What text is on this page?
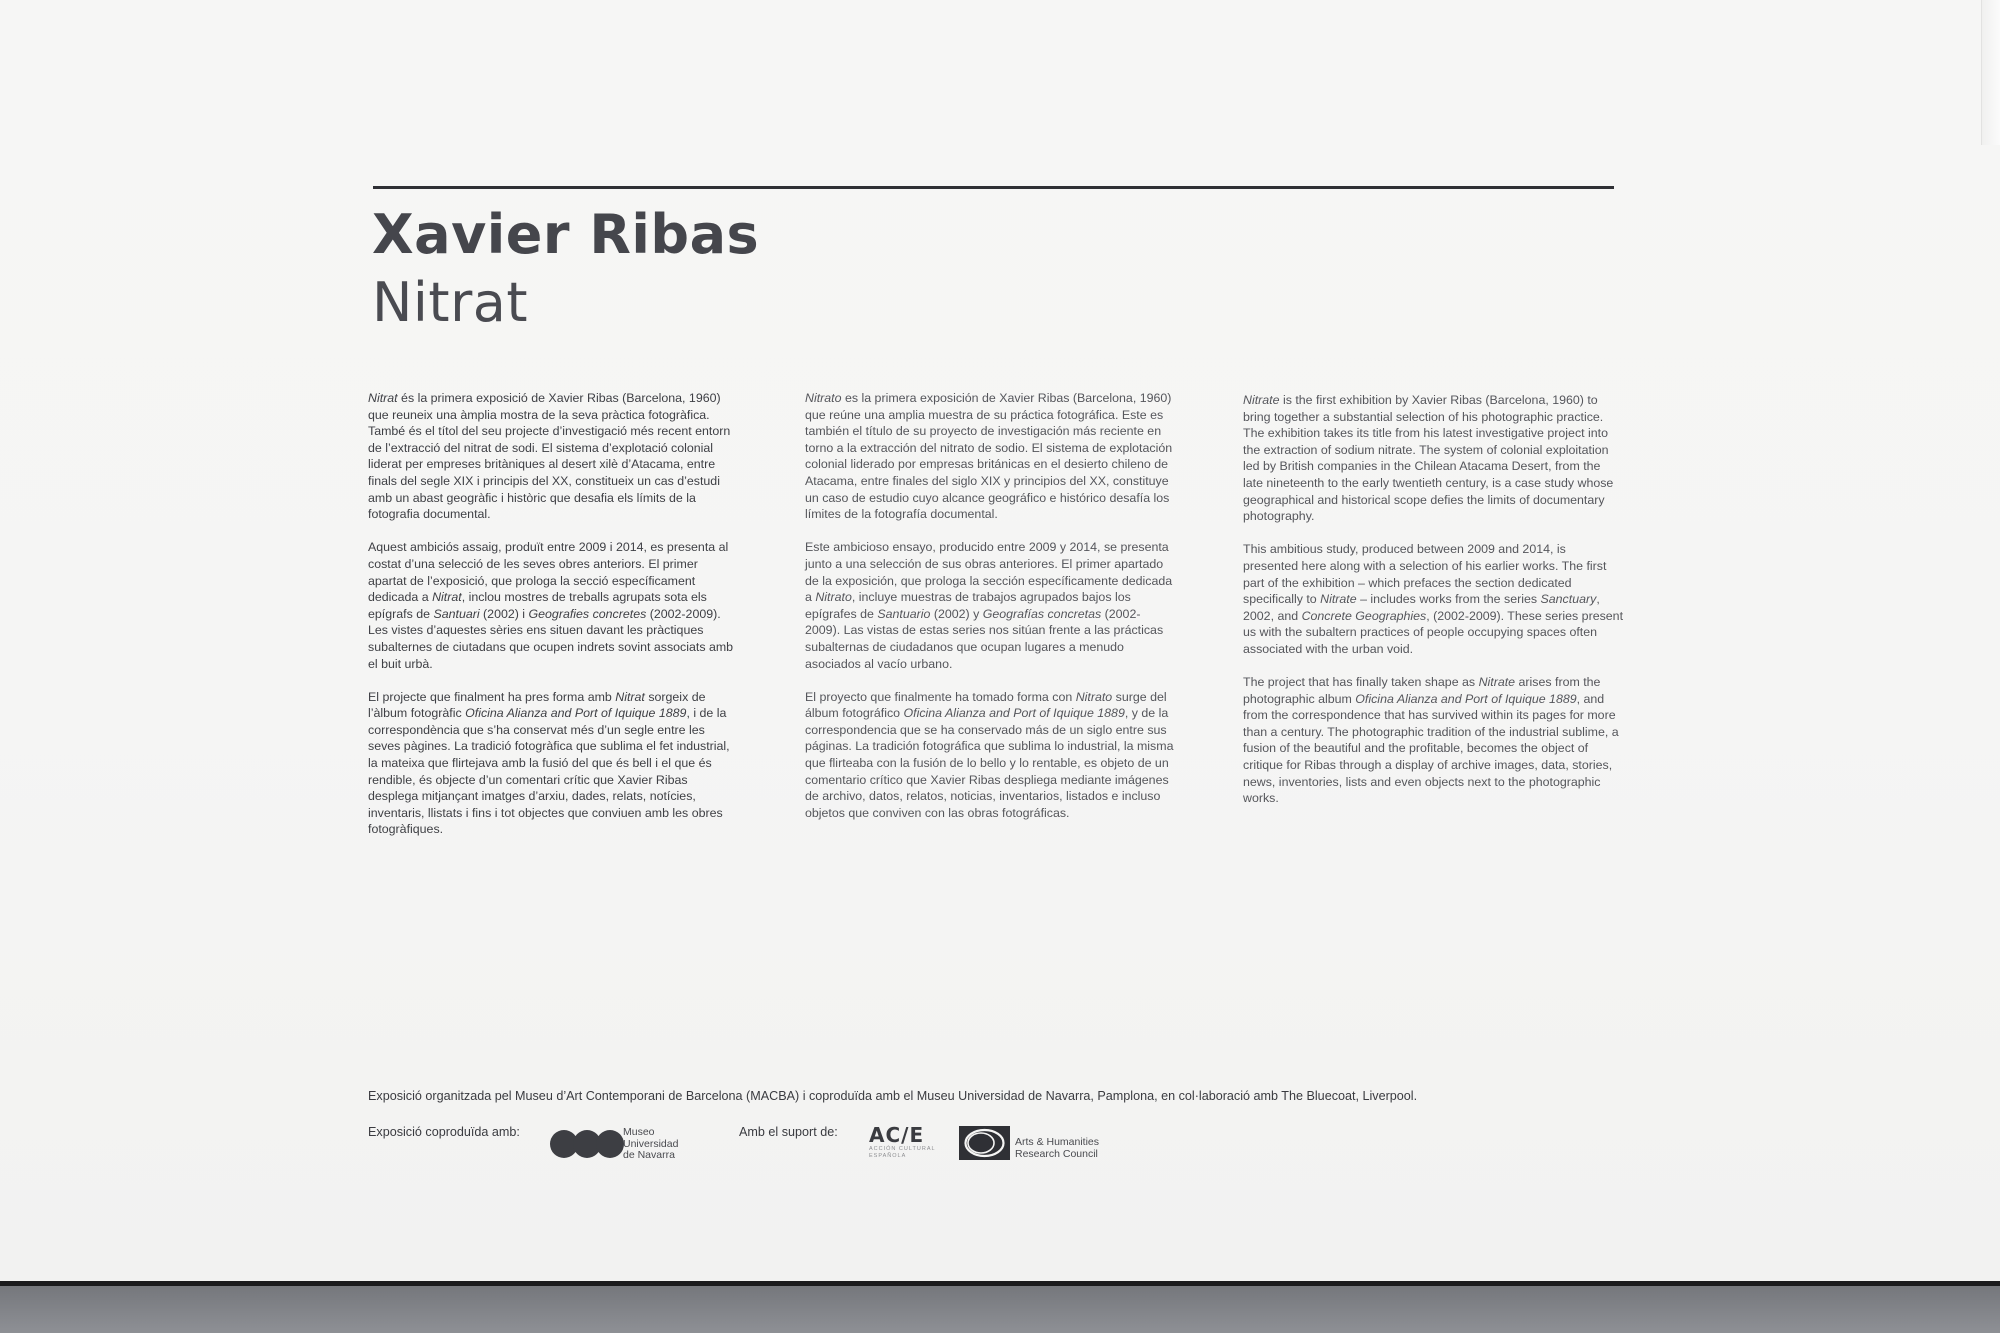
Xavier Ribas
Nitrat

Nitrat és la primera exposició de Xavier Ribas (Barcelona, 1960) que reuneix una àmplia mostra de la seva pràctica fotogràfica. També és el títol del seu projecte d’investigació més recent entorn de l’extracció del nitrat de sodi. El sistema d’explotació colonial liderat per empreses britàniques al desert xilè d’Atacama, entre finals del segle XIX i principis del XX, constitueix un cas d’estudi amb un abast geogràfic i històric que desafia els límits de la fotografia documental.

Aquest ambiciós assaig, produït entre 2009 i 2014, es presenta al costat d’una selecció de les seves obres anteriors. El primer apartat de l’exposició, que prologa la secció específicament dedicada a Nitrat, inclou mostres de treballs agrupats sota els epígrafs de Santuari (2002) i Geografies concretes (2002-2009). Les vistes d’aquestes sèries ens situen davant les pràctiques subalternes de ciutadans que ocupen indrets sovint associats amb el buit urbà.

El projecte que finalment ha pres forma amb Nitrat sorgeix de l’àlbum fotogràfic Oficina Alianza and Port of Iquique 1889, i de la correspondència que s’ha conservat més d’un segle entre les seves pàgines. La tradició fotogràfica que sublima el fet industrial, la mateixa que flirtejava amb la fusió del que és bell i el que és rendible, és objecte d’un comentari crític que Xavier Ribas desplega mitjançant imatges d’arxiu, dades, relats, notícies, inventaris, llistats i fins i tot objectes que conviuen amb les obres fotogràfiques.

Nitrato es la primera exposición de Xavier Ribas (Barcelona, 1960) que reúne una amplia muestra de su práctica fotográfica. Este es también el título de su proyecto de investigación más reciente en torno a la extracción del nitrato de sodio. El sistema de explotación colonial liderado por empresas británicas en el desierto chileno de Atacama, entre finales del siglo XIX y principios del XX, constituye un caso de estudio cuyo alcance geográfico e histórico desafía los límites de la fotografía documental.

Este ambicioso ensayo, producido entre 2009 y 2014, se presenta junto a una selección de sus obras anteriores. El primer apartado de la exposición, que prologa la sección específicamente dedicada a Nitrato, incluye muestras de trabajos agrupados bajos los epígrafes de Santuario (2002) y Geografías concretas (2002-2009). Las vistas de estas series nos sitúan frente a las prácticas subalternas de ciudadanos que ocupan lugares a menudo asociados al vacío urbano.

El proyecto que finalmente ha tomado forma con Nitrato surge del álbum fotográfico Oficina Alianza and Port of Iquique 1889, y de la correspondencia que se ha conservado más de un siglo entre sus páginas. La tradición fotográfica que sublima lo industrial, la misma que flirteaba con la fusión de lo bello y lo rentable, es objeto de un comentario crítico que Xavier Ribas despliega mediante imágenes de archivo, datos, relatos, noticias, inventarios, listados e incluso objetos que conviven con las obras fotográficas.

Nitrate is the first exhibition by Xavier Ribas (Barcelona, 1960) to bring together a substantial selection of his photographic practice. The exhibition takes its title from his latest investigative project into the extraction of sodium nitrate. The system of colonial exploitation led by British companies in the Chilean Atacama Desert, from the late nineteenth to the early twentieth century, is a case study whose geographical and historical scope defies the limits of documentary photography.

This ambitious study, produced between 2009 and 2014, is presented here along with a selection of his earlier works. The first part of the exhibition – which prefaces the section dedicated specifically to Nitrate – includes works from the series Sanctuary, 2002, and Concrete Geographies, (2002-2009). These series present us with the subaltern practices of people occupying spaces often associated with the urban void.

The project that has finally taken shape as Nitrate arises from the photographic album Oficina Alianza and Port of Iquique 1889, and from the correspondence that has survived within its pages for more than a century. The photographic tradition of the industrial sublime, a fusion of the beautiful and the profitable, becomes the object of critique for Ribas through a display of archive images, data, stories, news, inventories, lists and even objects next to the photographic works.

Exposició organitzada pel Museu d’Art Contemporani de Barcelona (MACBA) i coproduïda amb el Museu Universidad de Navarra, Pamplona, en col·laboració amb The Bluecoat, Liverpool.
Exposició coproduïda amb:	Amb el suport de:
Museo
Universidad
de Navarra
AC/E
ACCIÓN CULTURAL
ESPAÑOLA
Arts & Humanities
Research Council
